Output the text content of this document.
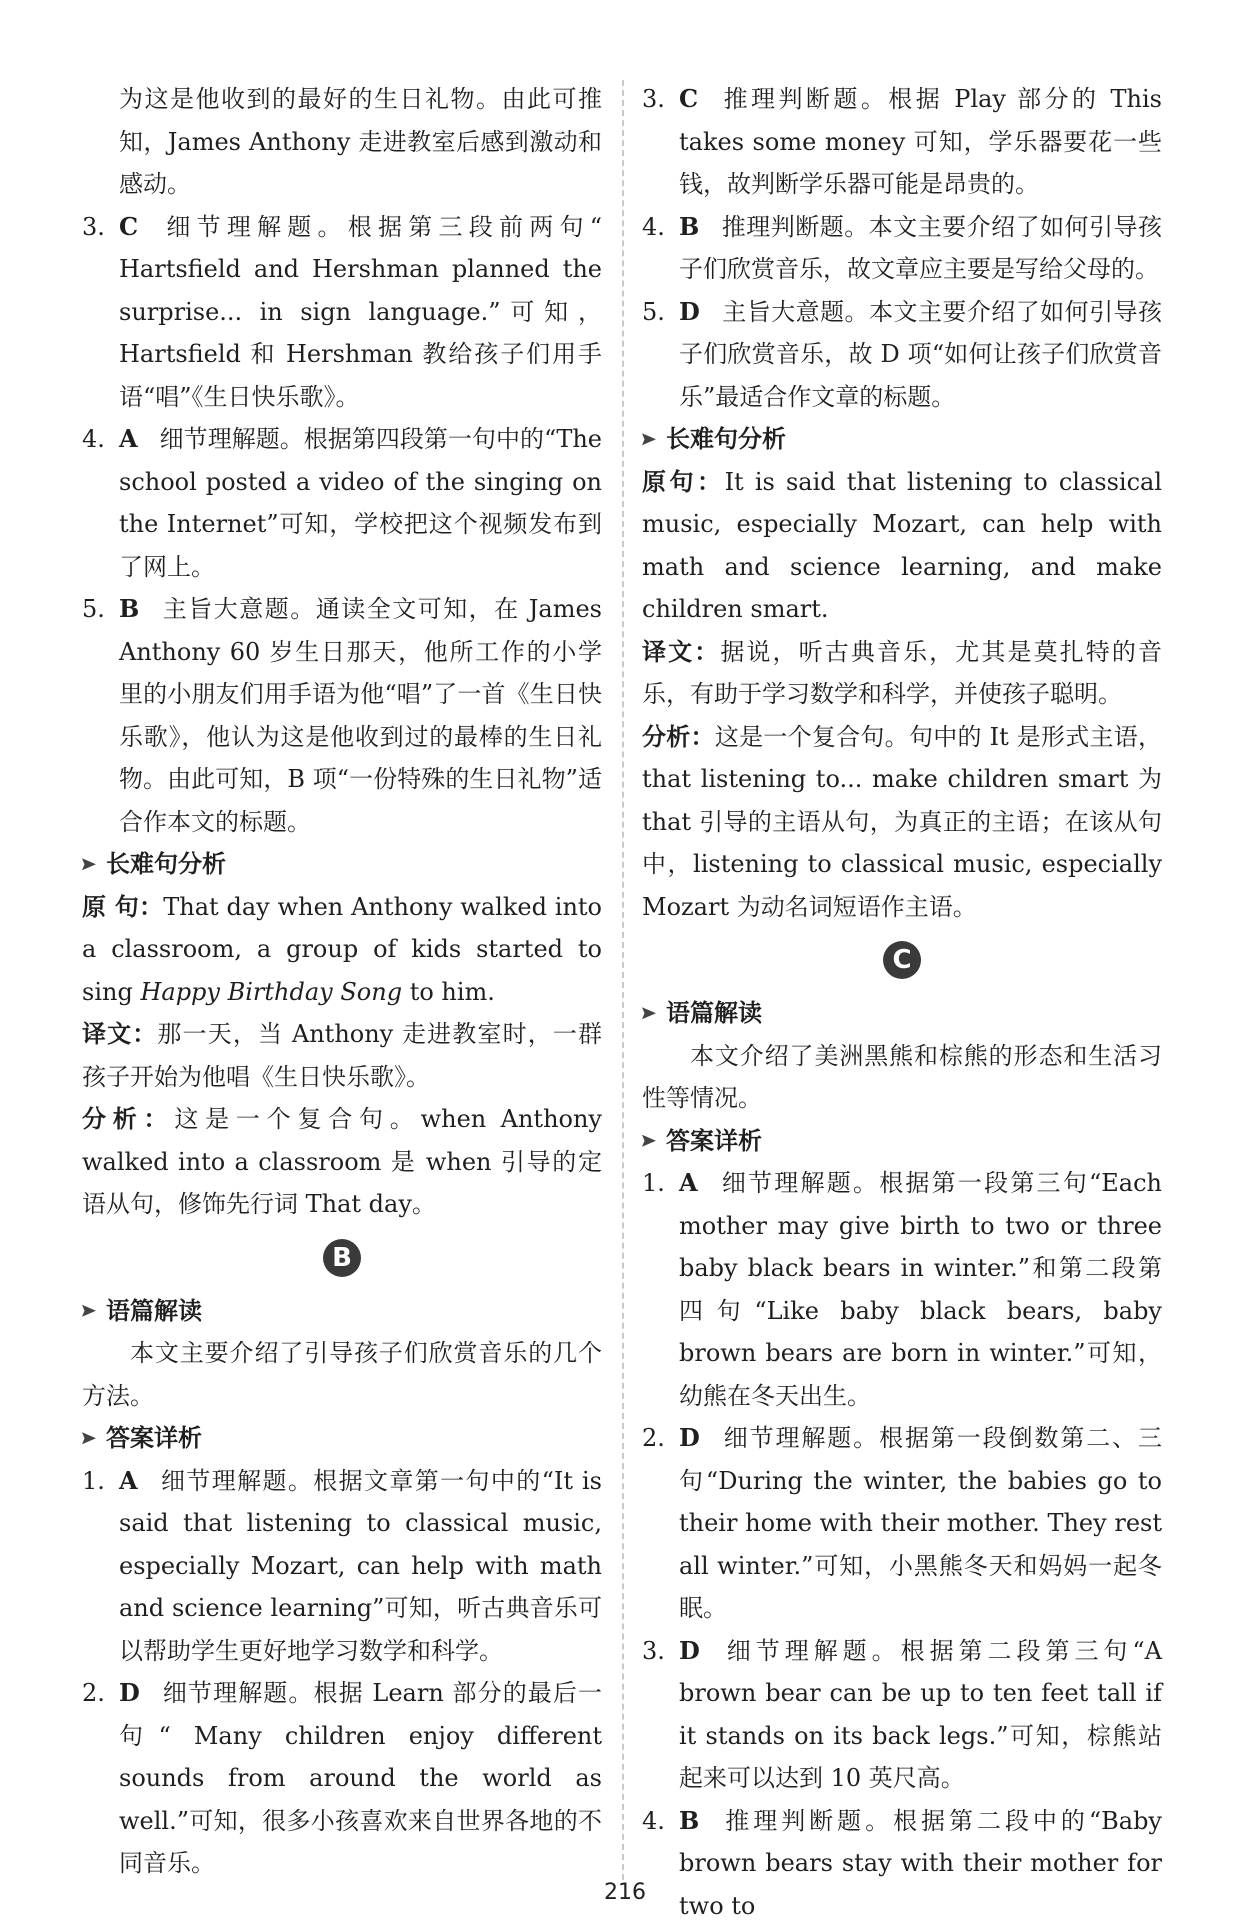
为这是他收到的最好的生日礼物。由此可推知，James Anthony 走进教室后感到激动和感动。
3. C 细节理解题。根据第三段前两句“ Hartsfield and Hershman planned the surprise... in sign language.”可知，Hartsfield 和 Hershman 教给孩子们用手语“唱”《生日快乐歌》。
4. A 细节理解题。根据第四段第一句中的“The school posted a video of the singing on the Internet”可知，学校把这个视频发布到了网上。
5. B 主旨大意题。通读全文可知，在 James Anthony 60 岁生日那天，他所工作的小学里的小朋友们用手语为他“唱”了一首《生日快乐歌》，他认为这是他收到过的最棒的生日礼物。由此可知，B 项“一份特殊的生日礼物”适合作本文的标题。
长难句分析
原 句：That day when Anthony walked into a classroom, a group of kids started to sing Happy Birthday Song to him.
译文：那一天，当 Anthony 走进教室时，一群孩子开始为他唱《生日快乐歌》。
分析：这是一个复合句。when Anthony walked into a classroom 是 when 引导的定语从句，修饰先行词 That day。
B
语篇解读
本文主要介绍了引导孩子们欣赏音乐的几个方法。
答案详析
1. A 细节理解题。根据文章第一句中的“It is said that listening to classical music, especially Mozart, can help with math and science learning”可知，听古典音乐可以帮助学生更好地学习数学和科学。
2. D 细节理解题。根据 Learn 部分的最后一句“ Many children enjoy different sounds from around the world as well.”可知，很多小孩喜欢来自世界各地的不同音乐。
3. C 推理判断题。根据 Play 部分的 This takes some money 可知，学乐器要花一些钱，故判断学乐器可能是昂贵的。
4. B 推理判断题。本文主要介绍了如何引导孩子们欣赏音乐，故文章应主要是写给父母的。
5. D 主旨大意题。本文主要介绍了如何引导孩子们欣赏音乐，故 D 项“如何让孩子们欣赏音乐”最适合作文章的标题。
长难句分析
原句：It is said that listening to classical music, especially Mozart, can help with math and science learning, and make children smart.
译文：据说，听古典音乐，尤其是莫扎特的音乐，有助于学习数学和科学，并使孩子聪明。
分析：这是一个复合句。句中的 It 是形式主语，that listening to... make children smart 为 that 引导的主语从句，为真正的主语；在该从句中，listening to classical music, especially Mozart 为动名词短语作主语。
C
语篇解读
本文介绍了美洲黑熊和棕熊的形态和生活习性等情况。
答案详析
1. A 细节理解题。根据第一段第三句“Each mother may give birth to two or three baby black bears in winter.”和第二段第四句“Like baby black bears, baby brown bears are born in winter.”可知，幼熊在冬天出生。
2. D 细节理解题。根据第一段倒数第二、三句“During the winter, the babies go to their home with their mother. They rest all winter.”可知，小黑熊冬天和妈妈一起冬眠。
3. D 细节理解题。根据第二段第三句“A brown bear can be up to ten feet tall if it stands on its back legs.”可知，棕熊站起来可以达到 10 英尺高。
4. B 推理判断题。根据第二段中的“Baby brown bears stay with their mother for two to
216
